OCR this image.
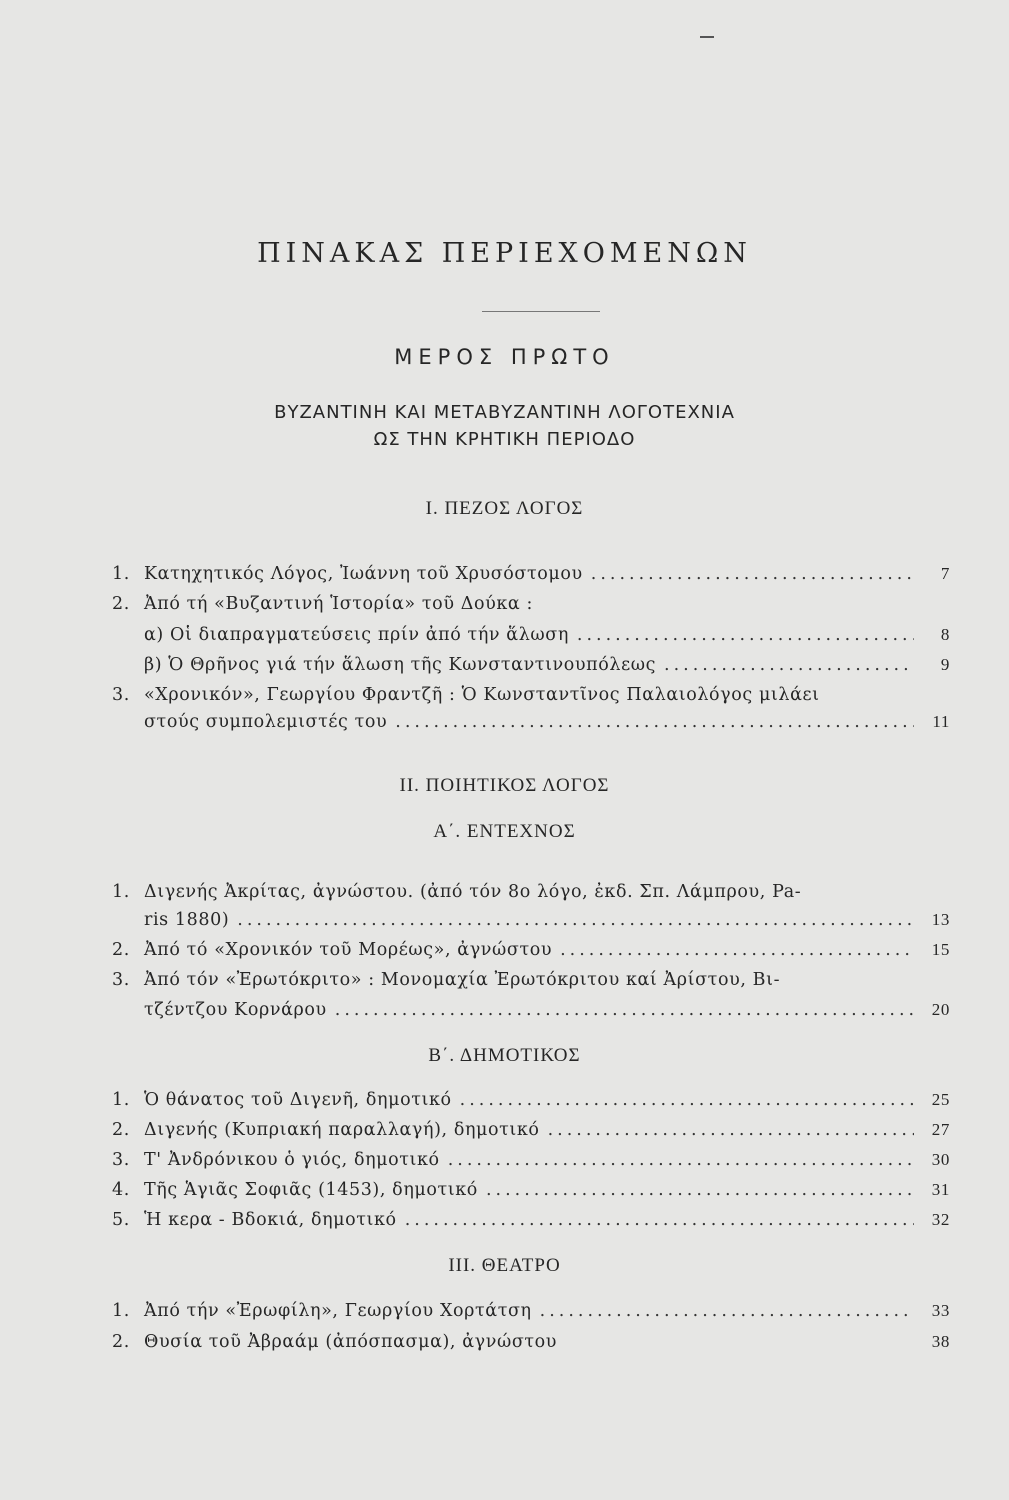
ΠΙΝΑΚΑΣ ΠΕΡΙΕΧΟΜΕΝΩΝ
ΜΕΡΟΣ ΠΡΩΤΟ
ΒΥΖΑΝΤΙΝΗ ΚΑΙ ΜΕΤΑΒΥΖΑΝΤΙΝΗ ΛΟΓΟΤΕΧΝΙΑ
ΩΣ ΤΗΝ ΚΡΗΤΙΚΗ ΠΕΡΙΟΔΟ
Ι. ΠΕΖΟΣ ΛΟΓΟΣ
1. Κατηχητικός Λόγος, Ἰωάννη τοῦ Χρυσόστομου .....	7
2. Ἀπό τή «Βυζαντινή Ἱστορία» τοῦ Δούκα :
α) Οἱ διαπραγματεύσεις πρίν ἀπό τήν ἅλωση .....	8
β) Ὁ Θρῆνος γιά τήν ἅλωση τῆς Κωνσταντινουπόλεως .....	9
3. «Χρονικόν», Γεωργίου Φραντζῆ : Ὁ Κωνσταντῖνος Παλαιολόγος μιλάει
στούς συμπολεμιστές του .....	11
ΙΙ. ΠΟΙΗΤΙΚΟΣ ΛΟΓΟΣ
Α΄. ΕΝΤΕΧΝΟΣ
1. Διγενής Ἀκρίτας, ἀγνώστου. (ἀπό τόν 8ο λόγο, ἐκδ. Σπ. Λάμπρου, Pa-
ris 1880) .....	13
2. Ἀπό τό «Χρονικόν τοῦ Μορέως», ἀγνώστου .....	15
3. Ἀπό τόν «Ἐρωτόκριτο» : Μονομαχία Ἐρωτόκριτου καί Ἀρίστου, Βι-
τζέντζου Κορνάρου .....	20
Β΄. ΔΗΜΟΤΙΚΟΣ
1. Ὁ θάνατος τοῦ Διγενῆ, δημοτικό .....	25
2. Διγενής (Κυπριακή παραλλαγή), δημοτικό .....	27
3. Τ' Ἀνδρόνικου ὁ γιός, δημοτικό .....	30
4. Τῆς Ἁγιᾶς Σοφιᾶς (1453), δημοτικό .....	31
5. Ἡ κερα - Βδοκιά, δημοτικό .....	32
ΙΙΙ. ΘΕΑΤΡΟ
1. Ἀπό τήν «Ἐρωφίλη», Γεωργίου Χορτάτση .....	33
2. Θυσία τοῦ Ἀβραάμ (ἀπόσπασμα), ἀγνώστου	38
